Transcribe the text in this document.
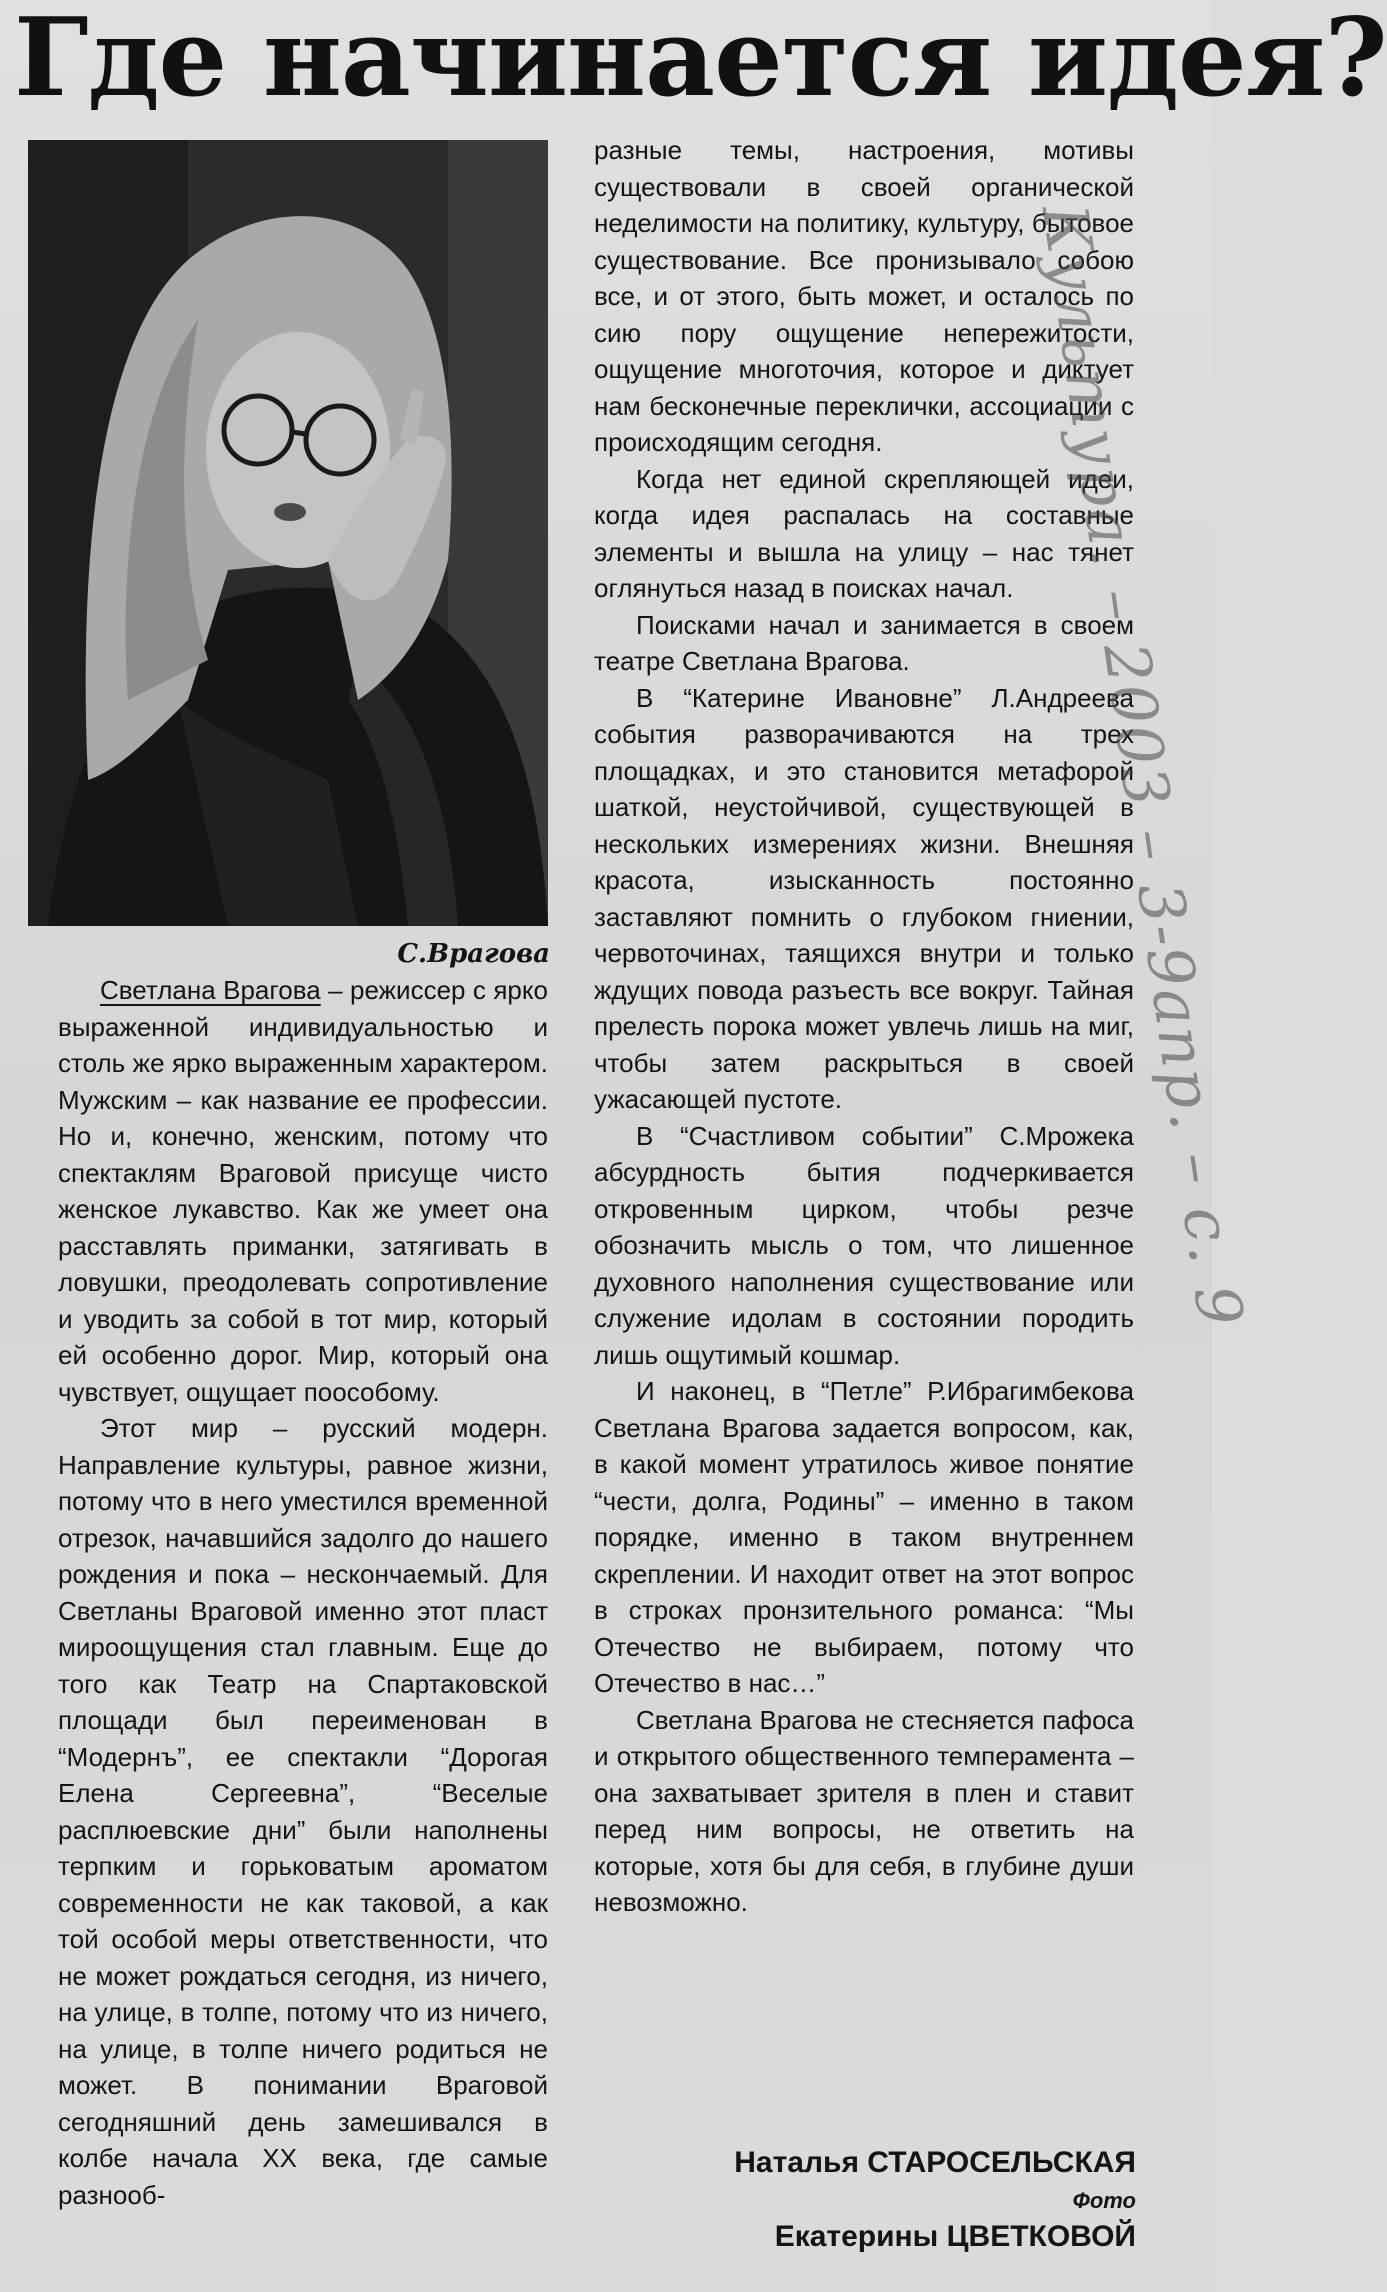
Где начинается идея?
С.Врагова

Светлана Врагова – режиссер с ярко выраженной индивидуальностью и столь же ярко выраженным характером. Мужским – как название ее профессии. Но и, конечно, женским, потому что спектаклям Враговой присуще чисто женское лукавство. Как же умеет она расставлять приманки, затягивать в ловушки, преодолевать сопротивление и уводить за собой в тот мир, который ей особенно дорог. Мир, который она чувствует, ощущает поособому.

Этот мир – русский модерн. Направление культуры, равное жизни, потому что в него уместился временной отрезок, начавшийся задолго до нашего рождения и пока – нескончаемый. Для Светланы Враговой именно этот пласт мироощущения стал главным. Еще до того как Театр на Спартаковской площади был переименован в “Модернъ”, ее спектакли “Дорогая Елена Сергеевна”, “Веселые расплюевские дни” были наполнены терпким и горьковатым ароматом современности не как таковой, а как той особой меры ответственности, что не может рождаться сегодня, из ничего, на улице, в толпе, потому что из ничего, на улице, в толпе ничего родиться не может. В понимании Враговой сегодняшний день замешивался в колбе начала XX века, где самые разнооб-

разные темы, настроения, мотивы существовали в своей органической неделимости на политику, культуру, бытовое существование. Все пронизывало собою все, и от этого, быть может, и осталось по сию пору ощущение непережитости, ощущение многоточия, которое и диктует нам бесконечные переклички, ассоциации с происходящим сегодня.

Когда нет единой скрепляющей идеи, когда идея распалась на составные элементы и вышла на улицу – нас тянет оглянуться назад в поисках начал.

Поисками начал и занимается в своем театре Светлана Врагова.

В “Катерине Ивановне” Л.Андреева события разворачиваются на трех площадках, и это становится метафорой шаткой, неустойчивой, существующей в нескольких измерениях жизни. Внешняя красота, изысканность постоянно заставляют помнить о глубоком гниении, червоточинах, таящихся внутри и только ждущих повода разъесть все вокруг. Тайная прелесть порока может увлечь лишь на миг, чтобы затем раскрыться в своей ужасающей пустоте.

В “Счастливом событии” С.Мрожека абсурдность бытия подчеркивается откровенным цирком, чтобы резче обозначить мысль о том, что лишенное духовного наполнения существование или служение идолам в состоянии породить лишь ощутимый кошмар.

И наконец, в “Петле” Р.Ибрагимбекова Светлана Врагова задается вопросом, как, в какой момент утратилось живое понятие “чести, долга, Родины” – именно в таком порядке, именно в таком внутреннем скреплении. И находит ответ на этот вопрос в строках пронзительного романса: “Мы Отечество не выбираем, потому что Отечество в нас…”

Светлана Врагова не стесняется пафоса и открытого общественного темперамента – она захватывает зрителя в плен и ставит перед ним вопросы, не ответить на которые, хотя бы для себя, в глубине души невозможно.

Наталья СТАРОСЕЛЬСКАЯ

Фото

Екатерины ЦВЕТКОВОЙ

Культура. – 2003 – 3-9апр. – с. 9
